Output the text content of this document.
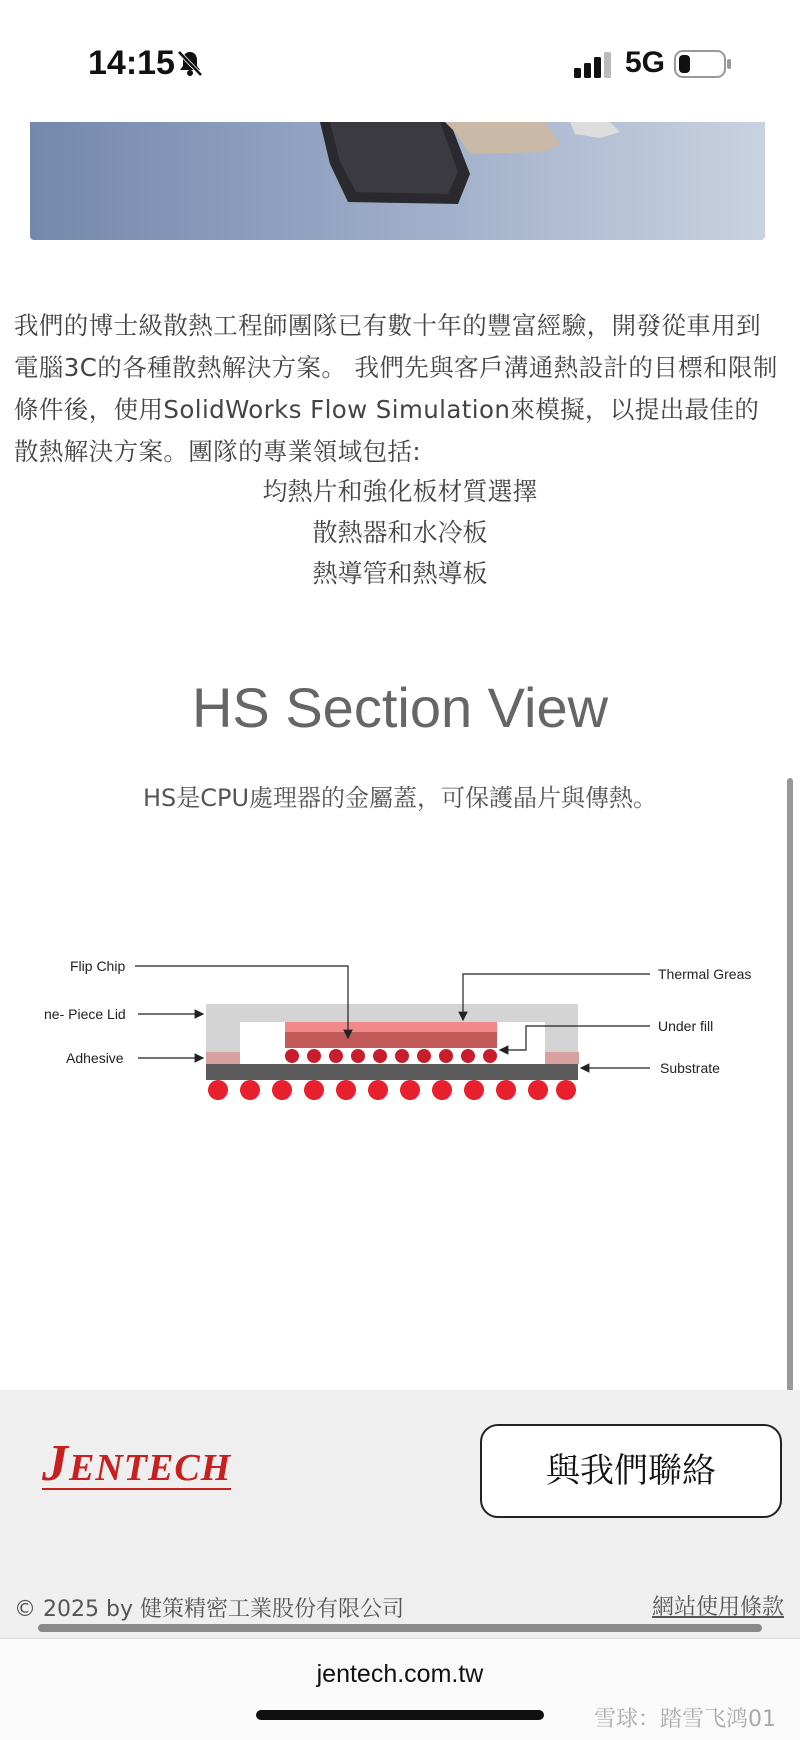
14:15	5G
我們的博士級散熱工程師團隊已有數十年的豐富經驗，開發從車用到電腦3C的各種散熱解決方案。 我們先與客戶溝通熱設計的目標和限制條件後，使用SolidWorks Flow Simulation來模擬，以提出最佳的散熱解決方案。團隊的專業領域包括:
均熱片和強化板材質選擇
散熱器和水冷板
熱導管和熱導板
HS Section View
HS是CPU處理器的金屬蓋，可保護晶片與傳熱。
Flip Chip
ne- Piece Lid
Adhesive
Thermal Greas
Under fill
Substrate
JENTECH	與我們聯絡
© 2025 by 健策精密工業股份有限公司	網站使用條款
jentech.com.tw
雪球：踏雪飞鸿01
